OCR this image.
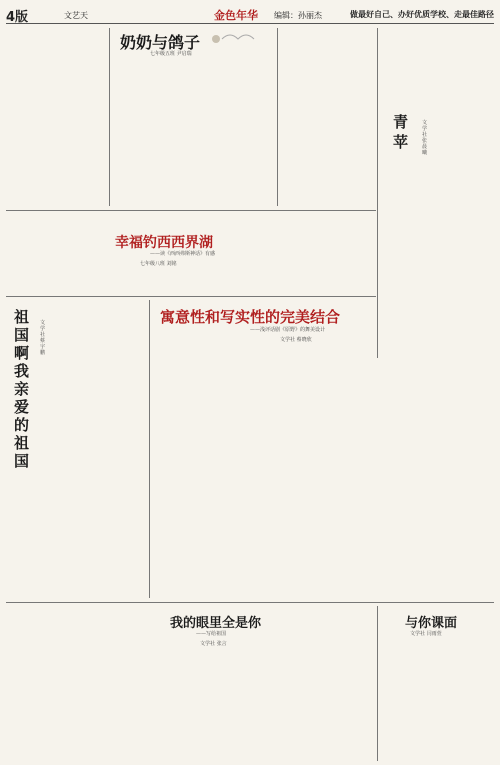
4版	文艺天	金色年华 编辑：孙丽杰	做最好自己、办好优质学校、走最佳路径
奶奶与鸽子
七年级五班 尹启瑞
幸福钓西西界湖
——读《西西弗斯神话》有感
七年级八班 刘铭
青苹
文学社 张晨曦
祖国啊我亲爱的祖国
文学社 蔡宇鹏
寓意性和写实性的完美结合
——浅评话剧《原野》的舞美设计
文学社 蔡晓欣
我的眼里全是你
——写给祖国
文学社 张言
与你课面
文学社 闫雨萱
